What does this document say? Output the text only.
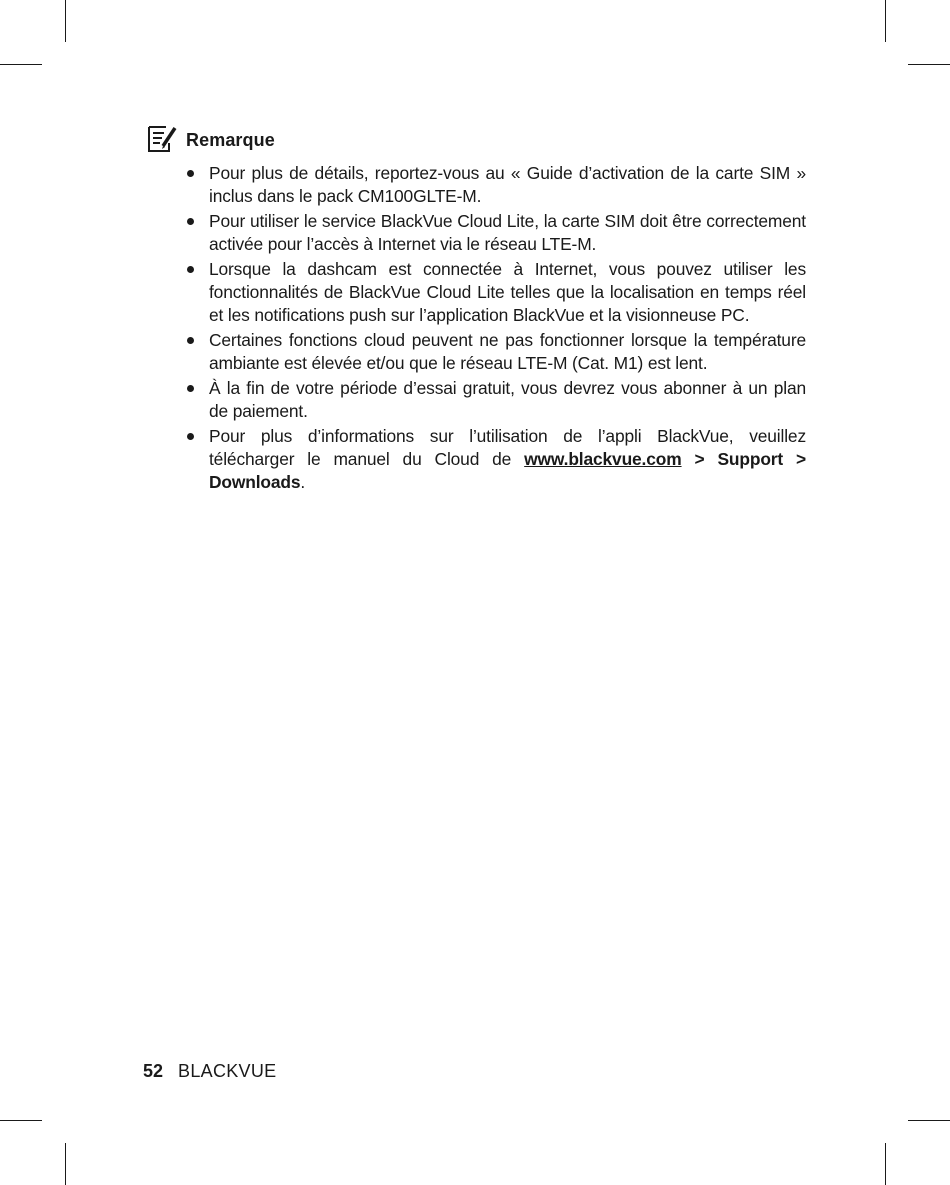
Remarque
Pour plus de détails, reportez-vous au « Guide d’activation de la carte SIM » inclus dans le pack CM100GLTE-M.
Pour utiliser le service BlackVue Cloud Lite, la carte SIM doit être correctement activée pour l’accès à Internet via le réseau LTE-M.
Lorsque la dashcam est connectée à Internet, vous pouvez utiliser les fonctionnalités de BlackVue Cloud Lite telles que la localisation en temps réel et les notiﬁcations push sur l’application BlackVue et la visionneuse PC.
Certaines fonctions cloud peuvent ne pas fonctionner lorsque la température ambiante est élevée et/ou que le réseau LTE-M (Cat. M1) est lent.
À la ﬁn de votre période d’essai gratuit, vous devrez vous abonner à un plan de paiement.
Pour plus d’informations sur l’utilisation de l’appli BlackVue, veuillez télécharger le manuel du Cloud de www.blackvue.com > Support > Downloads.
52 BLACKVUE
